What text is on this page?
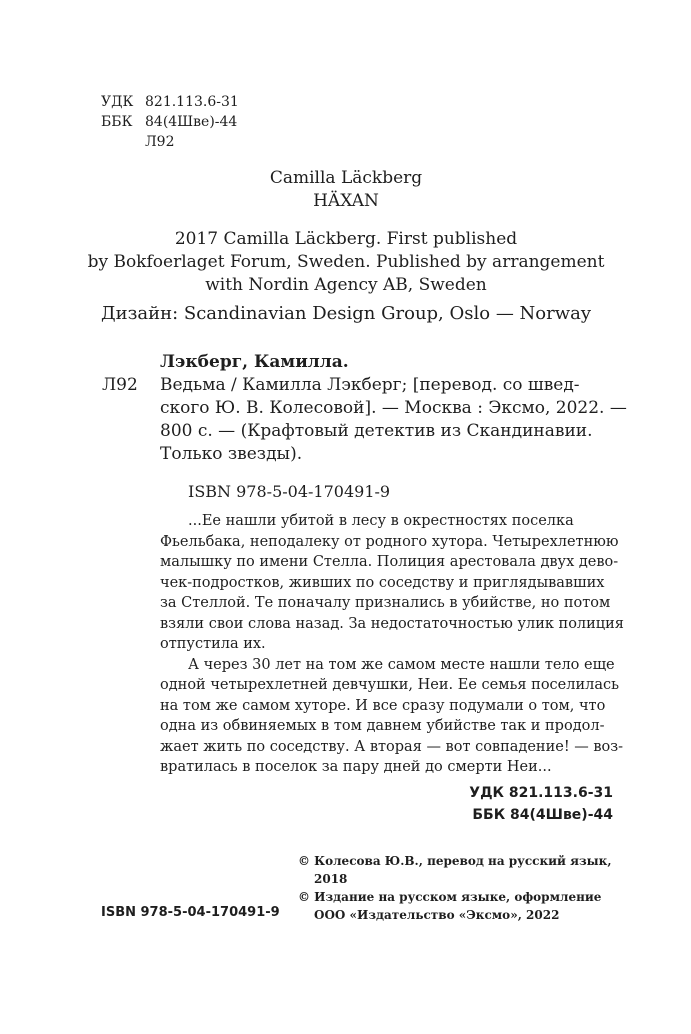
УДК 821.113.6-31
ББК 84(4Шве)-44
Л92
Camilla Läckberg
HÄXAN
2017 Camilla Läckberg. First published
by Bokfoerlaget Forum, Sweden. Published by arrangement
with Nordin Agency AB, Sweden
Дизайн: Scandinavian Design Group, Oslo — Norway
Лэкберг, Камилла.
Л92 Ведьма / Камилла Лэкберг; [перевод. со швед-
ского Ю. В. Колесовой]. — Москва : Эксмо, 2022. —
800 с. — (Крафтовый детектив из Скандинавии.
Только звезды).
ISBN 978-5-04-170491-9
...Ее нашли убитой в лесу в окрестностях поселка
Фьельбака, неподалеку от родного хутора. Четырехлетнюю
малышку по имени Стелла. Полиция арестовала двух дево-
чек-подростков, живших по соседству и приглядывавших
за Стеллой. Те поначалу признались в убийстве, но потом
взяли свои слова назад. За недостаточностью улик полиция
отпустила их.
А через 30 лет на том же самом месте нашли тело еще
одной четырехлетней девчушки, Неи. Ее семья поселилась
на том же самом хуторе. И все сразу подумали о том, что
одна из обвиняемых в том давнем убийстве так и продол-
жает жить по соседству. А вторая — вот совпадение! — воз-
вратилась в поселок за пару дней до смерти Неи...
УДК 821.113.6-31
ББК 84(4Шве)-44
© Колесова Ю.В., перевод на русский язык,
2018
© Издание на русском языке, оформление
ООО «Издательство «Эксмо», 2022
ISBN 978-5-04-170491-9
